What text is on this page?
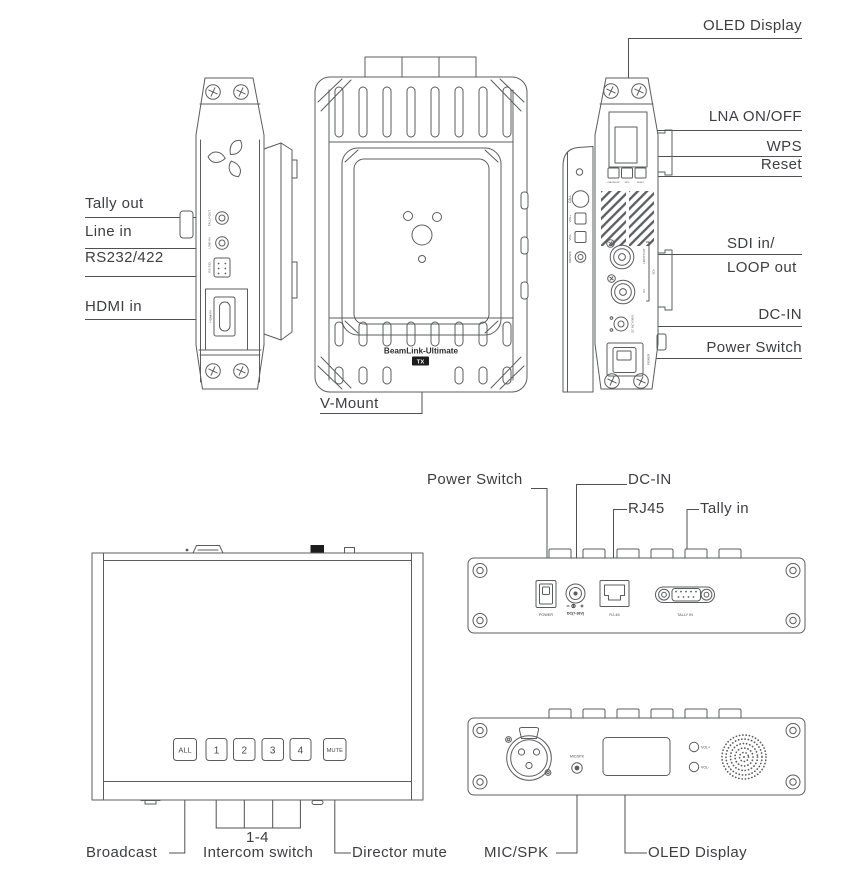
TALLY-OUT
LINE-IN
RS-232
HDMI-IN
BeamLink-Ultimate
TX
CALL
VOL+
VOL-
MIC/SPK
LNA/ON/OFF	WPS	RESET
LOOP OUT
IN
SDI
DC IN(7V-36V)
POWER
ALL 1 2 3 4	MUTE
POWER	DC(7-36V)	RJ-45	TALLY IN
MIC/SPK
VOL+
VOL-
Tally out
Line in
RS232/422
HDMI in
OLED Display
LNA ON/OFF
WPS
Reset
SDI in/
LOOP out
DC-IN
Power Switch
V-Mount
Broadcast
1-4
Intercom switch	Director mute
Power Switch	DC-IN
RJ45 Tally in
MIC/SPK	OLED Display
